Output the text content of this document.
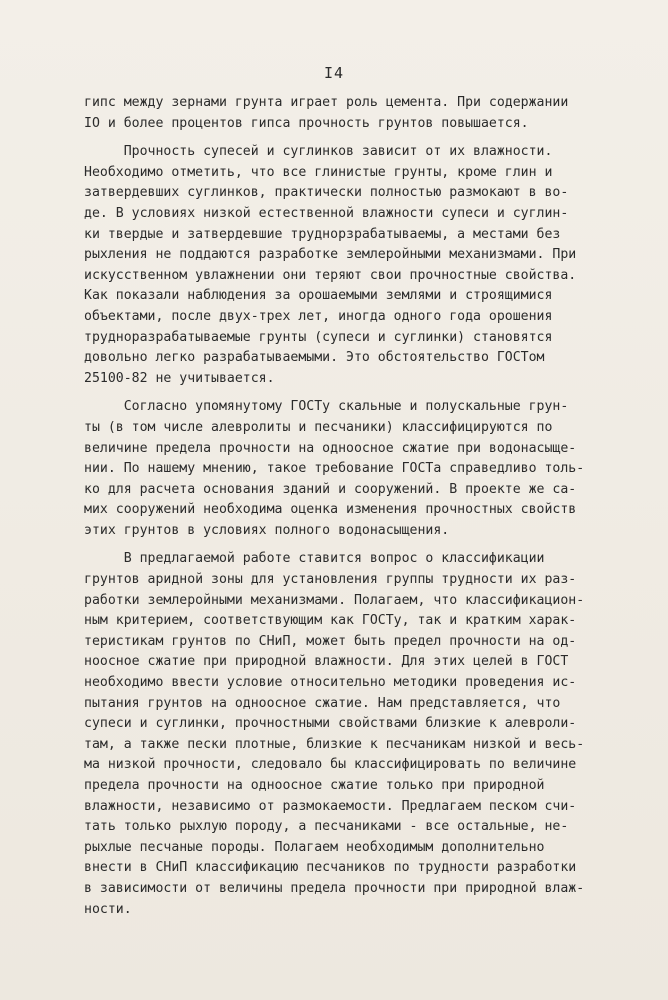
I4
гипс между зернами грунта играет роль цемента. При содержании
IO и более процентов гипса прочность грунтов повышается.
Прочность супесей и суглинков зависит от их влажности.
Необходимо отметить, что все глинистые грунты, кроме глин и
затвердевших суглинков, практически полностью размокают в во-
де. В условиях низкой естественной влажности супеси и суглин-
ки твердые и затвердевшие труднорзрабатываемы, а местами без
рыхления не поддаются разработке землеройными механизмами. При
искусственном увлажнении они теряют свои прочностные свойства.
Как показали наблюдения за орошаемыми землями и строящимися
объектами, после двух-трех лет, иногда одного года орошения
трудноразрабатываемые грунты (супеси и суглинки) становятся
довольно легко разрабатываемыми. Это обстоятельство ГОСТом
25100-82 не учитывается.
Согласно упомянутому ГОСТу скальные и полускальные грун-
ты (в том числе алевролиты и песчаники) классифицируются по
величине предела прочности на одноосное сжатие при водонасыще-
нии. По нашему мнению, такое требование ГОСТа справедливо толь-
ко для расчета основания зданий и сооружений. В проекте же са-
мих сооружений необходима оценка изменения прочностных свойств
этих грунтов в условиях полного водонасыщения.
В предлагаемой работе ставится вопрос о классификации
грунтов аридной зоны для установления группы трудности их раз-
работки землеройными механизмами. Полагаем, что классификацион-
ным критерием, соответствующим как ГОСТу, так и кратким харак-
теристикам грунтов по СНиП, может быть предел прочности на од-
ноосное сжатие при природной влажности. Для этих целей в ГОСТ
необходимо ввести условие относительно методики проведения ис-
пытания грунтов на одноосное сжатие. Нам представляется, что
супеси и суглинки, прочностными свойствами близкие к алевроли-
там, а также пески плотные, близкие к песчаникам низкой и весь-
ма низкой прочности, следовало бы классифицировать по величине
предела прочности на одноосное сжатие только при природной
влажности, независимо от размокаемости. Предлагаем песком счи-
тать только рыхлую породу, а песчаниками - все остальные, не-
рыхлые песчаные породы. Полагаем необходимым дополнительно
внести в СНиП классификацию песчаников по трудности разработки
в зависимости от величины предела прочности при природной влаж-
ности.
